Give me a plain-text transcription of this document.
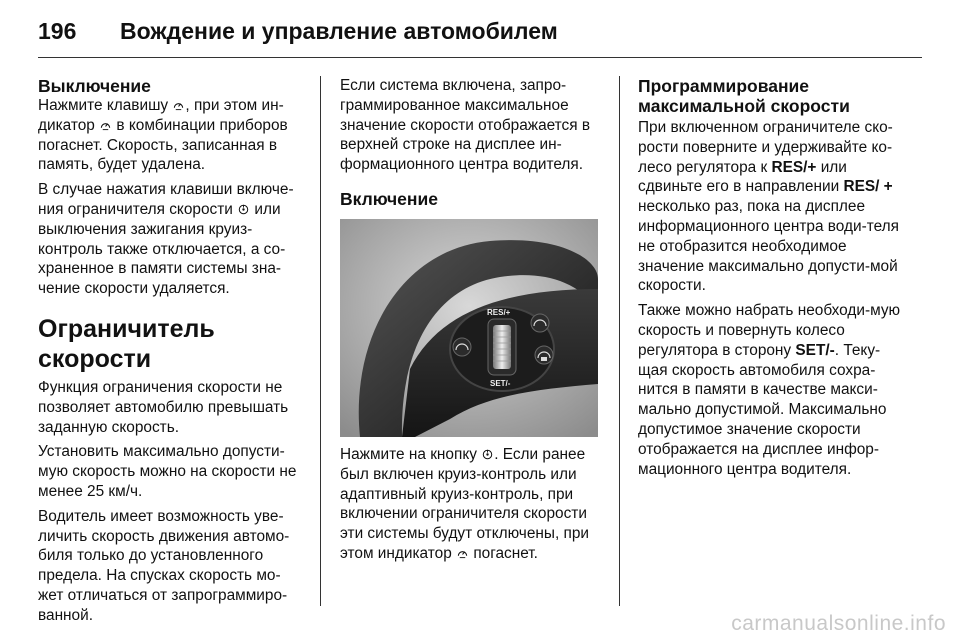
196 Вождение и управление автомобилем
Выключение

Нажмите клавишу , при этом ин-дикатор  в комбинации приборов погаснет. Скорость, записанная в память, будет удалена.

В случае нажатия клавиши включе-ния ограничителя скорости  или выключения зажигания круиз-контроль также отключается, а со-храненное в памяти системы зна-чение скорости удаляется.

Ограничитель скорости

Функция ограничения скорости не позволяет автомобилю превышать заданную скорость.

Установить максимально допусти-мую скорость можно на скорости не менее 25 км/ч.

Водитель имеет возможность уве-личить скорость движения автомо-биля только до установленного предела. На спусках скорость мо-жет отличаться от запрограммиро-ванной.

Если система включена, запро-граммированное максимальное значение скорости отображается в верхней строке на дисплее ин-формационного центра водителя.

Включение
RES/+
SET/-

Нажмите на кнопку . Если ранее был включен круиз-контроль или адаптивный круиз-контроль, при включении ограничителя скорости эти системы будут отключены, при этом индикатор  погаснет.

Программирование максимальной скорости

При включенном ограничителе ско-рости поверните и удерживайте ко-лесо регулятора к RES/+ или сдвиньте его в направлении RES/ + несколько раз, пока на дисплее информационного центра води-теля не отобразится необходимое значение максимально допусти-мой скорости.

Также можно набрать необходи-мую скорость и повернуть колесо регулятора в сторону SET/-. Теку-щая скорость автомобиля сохра-нится в памяти в качестве макси-мально допустимой. Максимально допустимое значение скорости отображается на дисплее инфор-мационного центра водителя.

carmanualsonline.info
